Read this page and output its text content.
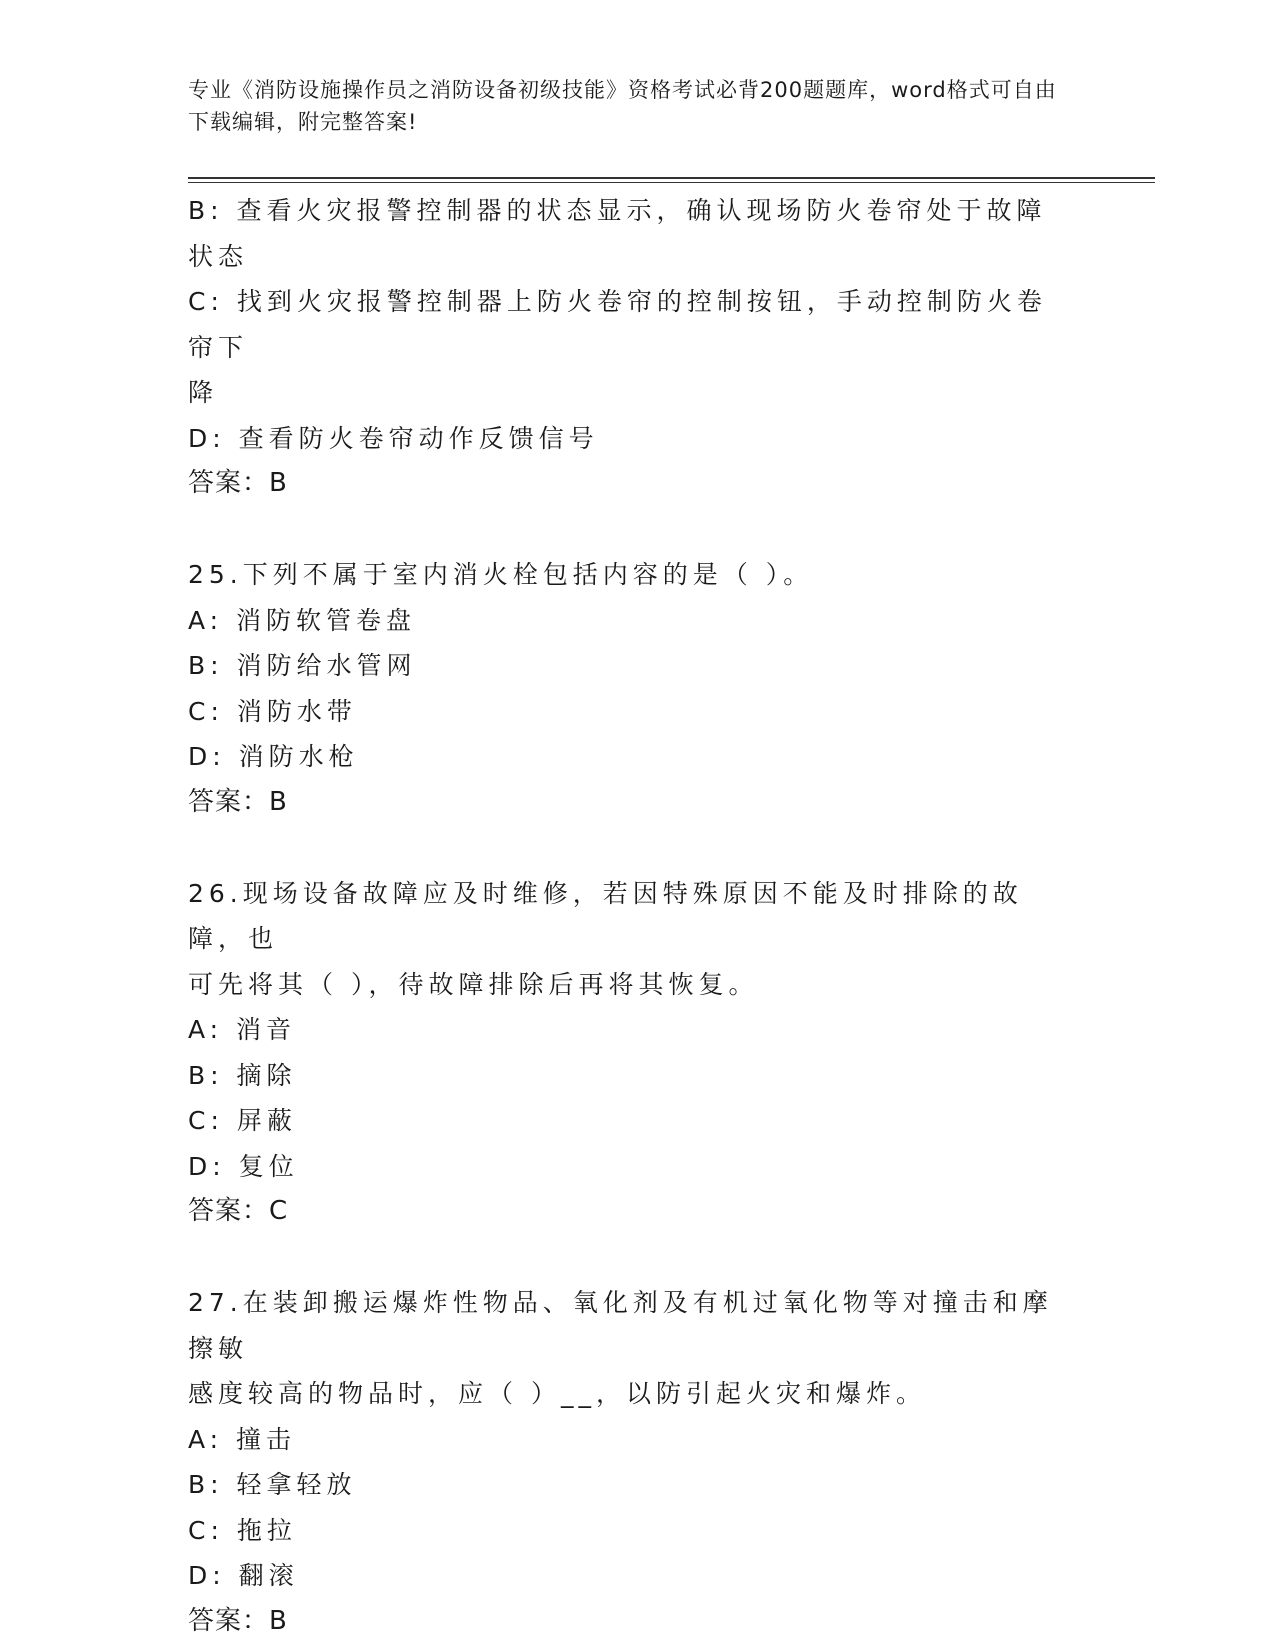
专业《消防设施操作员之消防设备初级技能》资格考试必背200题题库，word格式可自由下载编辑，附完整答案!

B: 查看火灾报警控制器的状态显示，确认现场防火卷帘处于故障状态

C: 找到火灾报警控制器上防火卷帘的控制按钮，手动控制防火卷帘下

降

D: 查看防火卷帘动作反馈信号

答案：B

25.下列不属于室内消火栓包括内容的是（ ）。

A: 消防软管卷盘

B: 消防给水管网

C: 消防水带

D: 消防水枪

答案：B

26.现场设备故障应及时维修，若因特殊原因不能及时排除的故障，也

可先将其（ ），待故障排除后再将其恢复。

A: 消音

B: 摘除

C: 屏蔽

D: 复位

答案：C

27.在装卸搬运爆炸性物品、氧化剂及有机过氧化物等对撞击和摩擦敏

感度较高的物品时，应（ ）__，以防引起火灾和爆炸。

A: 撞击

B: 轻拿轻放

C: 拖拉

D: 翻滚

答案：B
